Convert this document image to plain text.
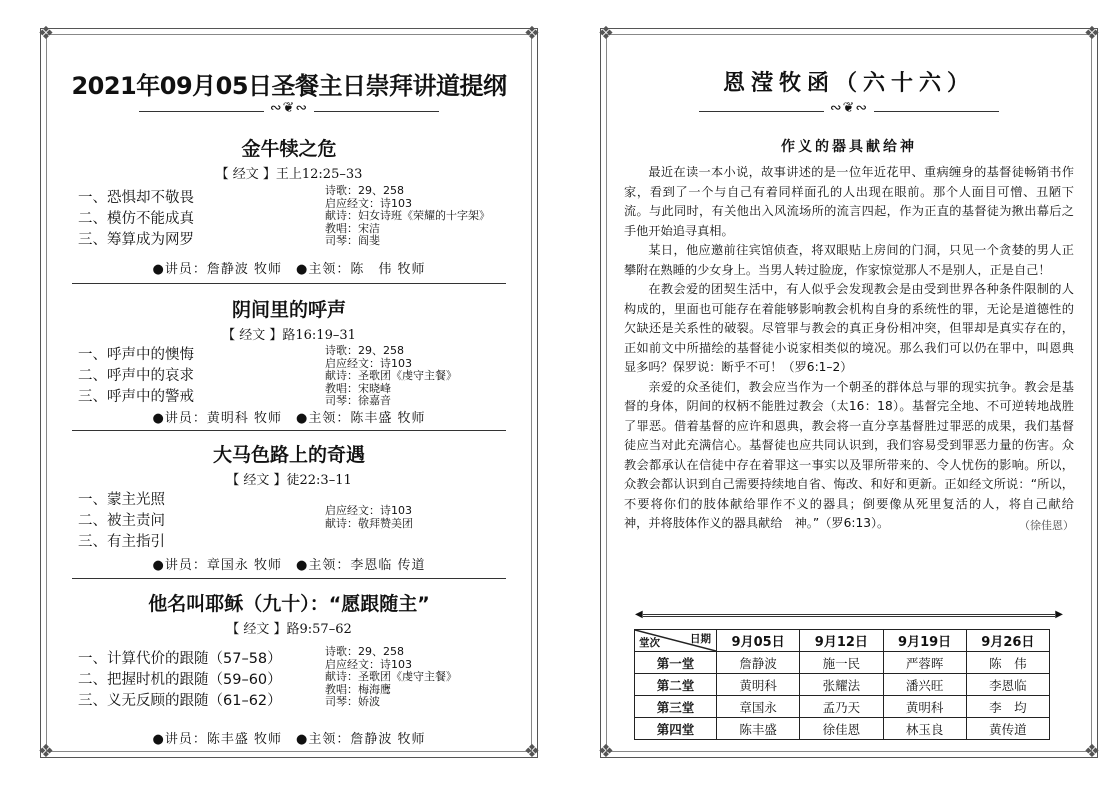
❖	❖
❖	❖
2021年09月05日圣餐主日崇拜讲道提纲
∾❦∾
金牛犊之危
【 经文 】王上12:25–33
一、恐惧却不敬畏
二、模仿不能成真
三、筹算成为网罗
诗歌：29、258
启应经文：诗103
献诗：妇女诗班《荣耀的十字架》
教唱：宋洁
司琴：阎斐
●讲员：詹静波 牧师　●主领：陈　伟 牧师
阴间里的呼声
【 经文 】路16:19–31
一、呼声中的懊悔
二、呼声中的哀求
三、呼声中的警戒
诗歌：29、258
启应经文：诗103
献诗：圣歌团《虔守主餐》
教唱：宋晓峰
司琴：徐嘉音
●讲员：黄明科 牧师　●主领：陈丰盛 牧师
大马色路上的奇遇
【 经文 】徒22:3–11
一、蒙主光照
二、被主责问
三、有主指引
启应经文：诗103
献诗：敬拜赞美团
●讲员：章国永 牧师　●主领：李恩临 传道
他名叫耶稣（九十）：“愿跟随主”
【 经文 】路9:57–62
一、计算代价的跟随（57–58）
二、把握时机的跟随（59–60）
三、义无反顾的跟随（61–62）
诗歌：29、258
启应经文：诗103
献诗：圣歌团《虔守主餐》
教唱：梅海鹰
司琴：娇波
●讲员：陈丰盛 牧师　●主领：詹静波 牧师
❖	❖
❖	❖
恩滢牧函（六十六）
∾❦∾
作义的器具献给神

最近在读一本小说，故事讲述的是一位年近花甲、重病缠身的基督徒畅销书作家，看到了一个与自己有着同样面孔的人出现在眼前。那个人面目可憎、丑陋下流。与此同时，有关他出入风流场所的流言四起，作为正直的基督徒为揪出幕后之手他开始追寻真相。

某日，他应邀前往宾馆侦查，将双眼贴上房间的门洞，只见一个贪婪的男人正攀附在熟睡的少女身上。当男人转过脸庞，作家惊觉那人不是别人，正是自己！

在教会爱的团契生活中，有人似乎会发现教会是由受到世界各种条件限制的人构成的，里面也可能存在着能够影响教会机构自身的系统性的罪，无论是道德性的欠缺还是关系性的破裂。尽管罪与教会的真正身份相冲突，但罪却是真实存在的，正如前文中所描绘的基督徒小说家相类似的境况。那么我们可以仍在罪中，叫恩典显多吗？保罗说：断乎不可！（罗6:1–2）

亲爱的众圣徒们，教会应当作为一个朝圣的群体总与罪的现实抗争。教会是基督的身体，阴间的权柄不能胜过教会（太16：18）。基督完全地、不可逆转地战胜了罪恶。借着基督的应许和恩典，教会将一直分享基督胜过罪恶的成果，我们基督徒应当对此充满信心。基督徒也应共同认识到，我们容易受到罪恶力量的伤害。众教会都承认在信徒中存在着罪这一事实以及罪所带来的、令人忧伤的影响。所以，众教会都认识到自己需要持续地自省、悔改、和好和更新。正如经文所说：“所以，不要将你们的肢体献给罪作不义的器具；倒要像从死里复活的人，将自己献给　神，并将肢体作义的器具献给　神。”（罗6:13）。	（徐佳恩）
◀	▶
日期
堂次	9月05日	9月12日	9月19日	9月26日
第一堂	詹静波	施一民	严蓉晖	陈　伟
第二堂	黄明科	张耀法	潘兴旺	李恩临
第三堂	章国永	孟乃天	黄明科	李　均
第四堂	陈丰盛	徐佳恩	林玉良	黄传道
